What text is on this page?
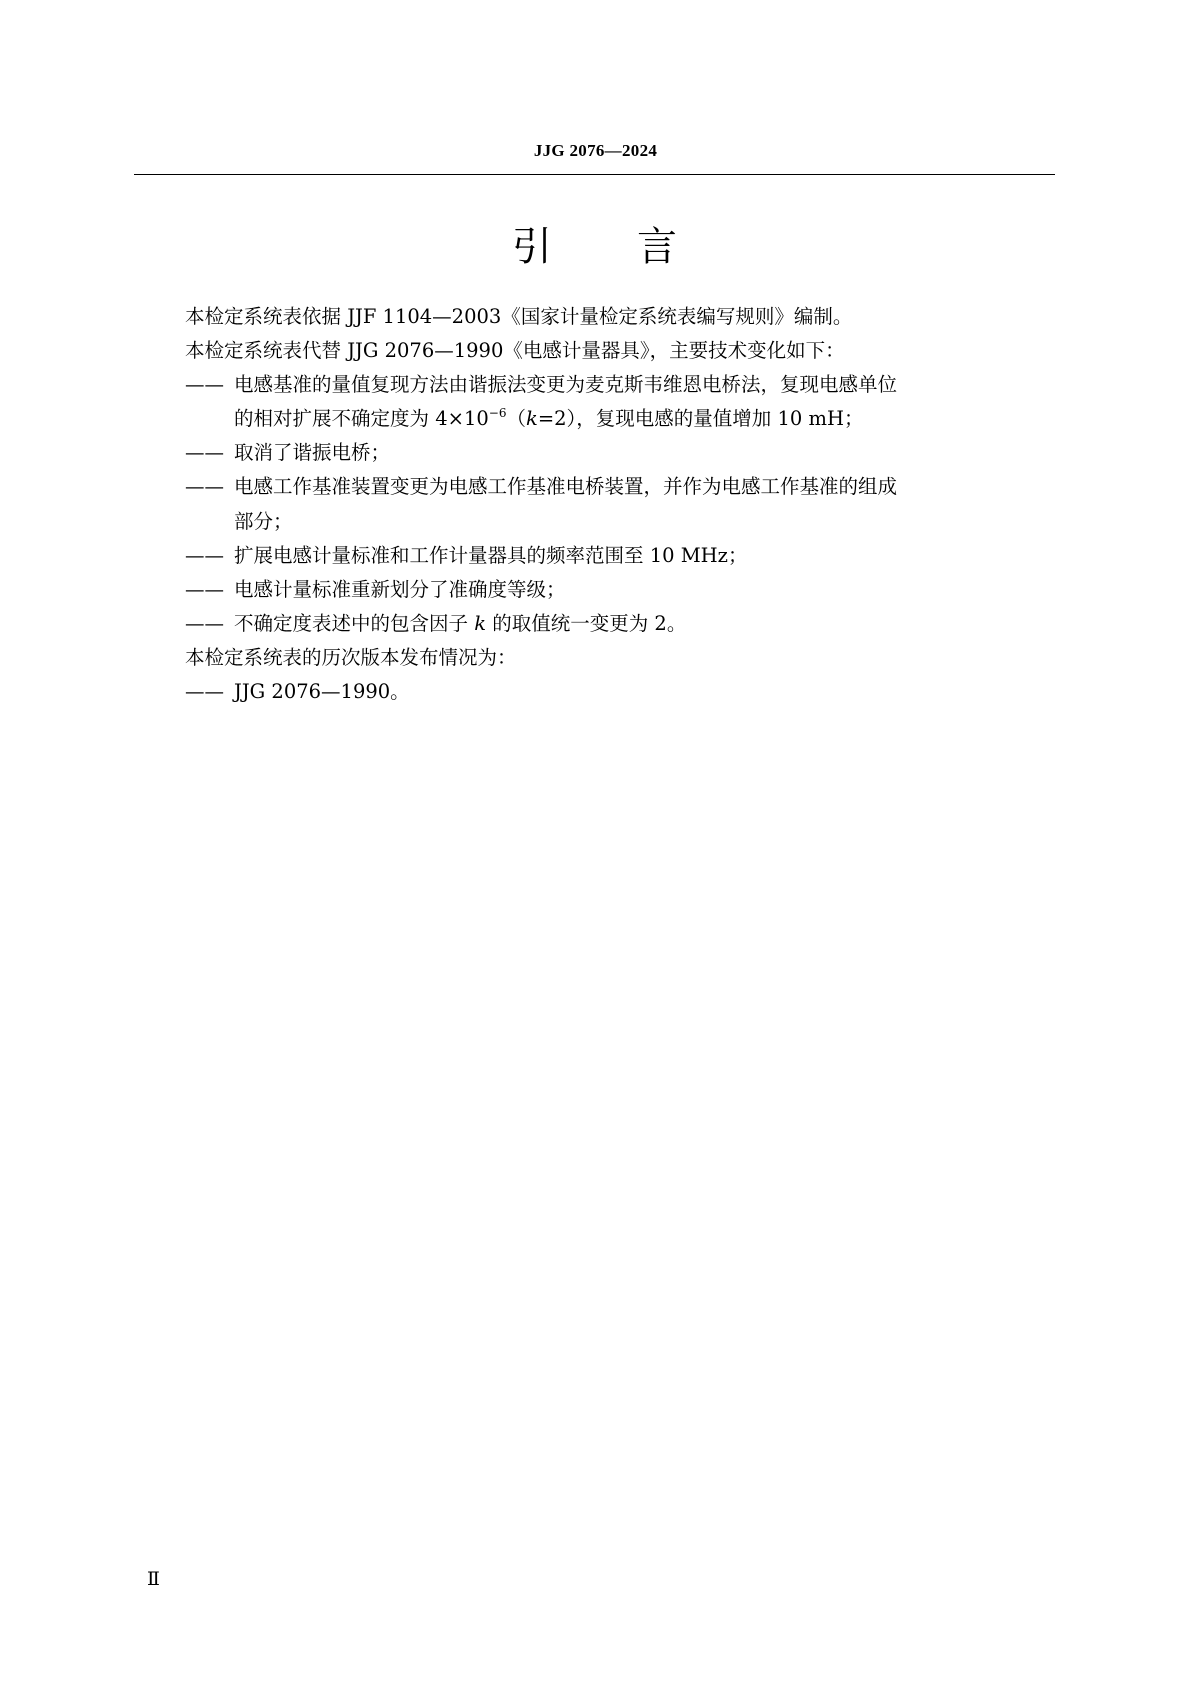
JJG 2076—2024
引 言

本检定系统表依据 JJF 1104—2003《国家计量检定系统表编写规则》编制。

本检定系统表代替 JJG 2076—1990《电感计量器具》，主要技术变化如下：

—— 电感基准的量值复现方法由谐振法变更为麦克斯韦维恩电桥法，复现电感单位
的相对扩展不确定度为 $4\times 10^{-6}(k=2)$，复现电感的量值增加 10 mH；
—— 取消了谐振电桥；
—— 电感工作基准装置变更为电感工作基准电桥装置，并作为电感工作基准的组成
部分；
—— 扩展电感计量标准和工作计量器具的频率范围至 10 MHz；
—— 电感计量标准重新划分了准确度等级；
—— 不确定度表述中的包含因子 k 的取值统一变更为 2。

本检定系统表的历次版本发布情况为：

—— JJG 2076—1990。
Ⅱ
